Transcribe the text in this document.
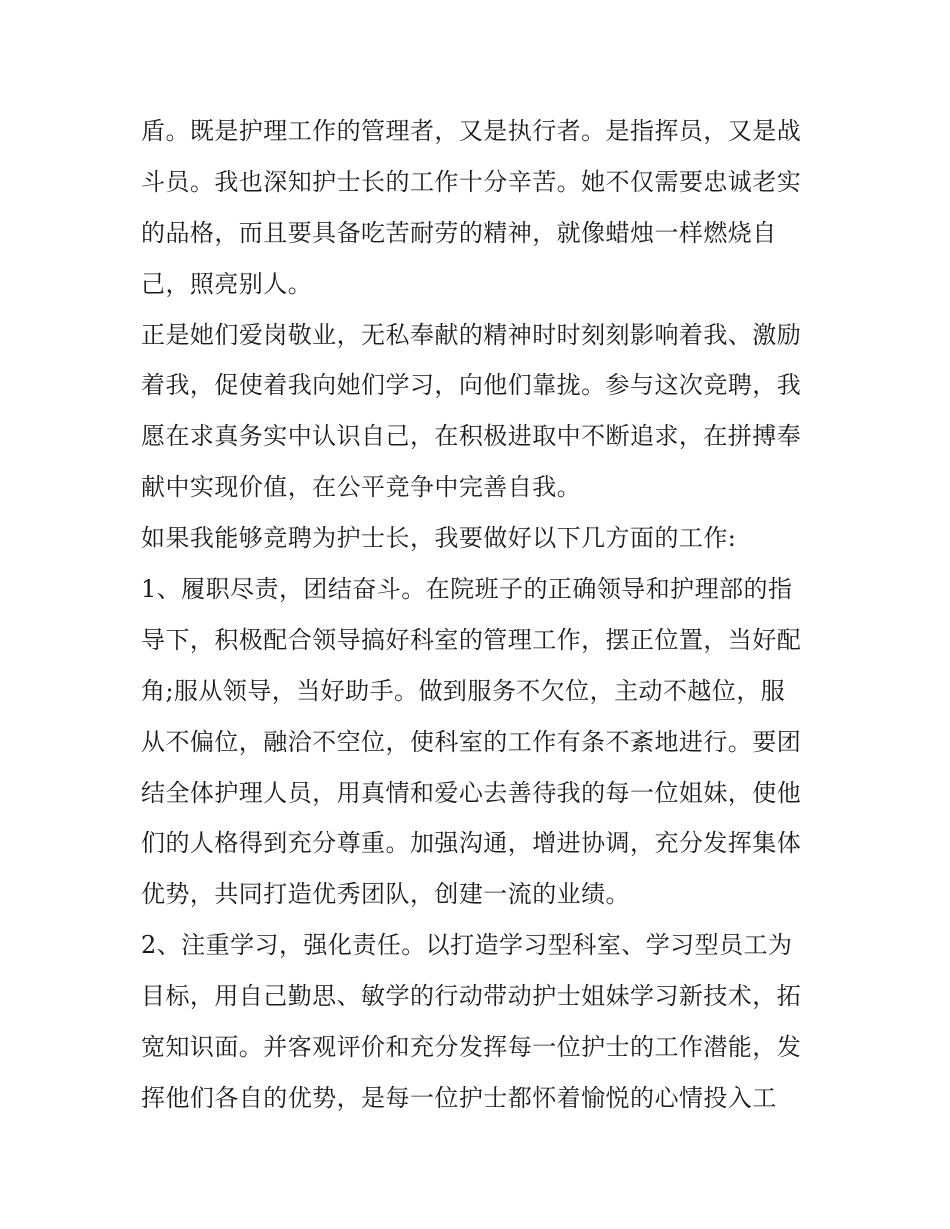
盾。既是护理工作的管理者，又是执行者。是指挥员，又是战
斗员。我也深知护士长的工作十分辛苦。她不仅需要忠诚老实
的品格，而且要具备吃苦耐劳的精神，就像蜡烛一样燃烧自
己，照亮别人。
正是她们爱岗敬业，无私奉献的精神时时刻刻影响着我、激励
着我，促使着我向她们学习，向他们靠拢。参与这次竞聘，我
愿在求真务实中认识自己，在积极进取中不断追求，在拼搏奉
献中实现价值，在公平竞争中完善自我。
如果我能够竞聘为护士长，我要做好以下几方面的工作:
1、履职尽责，团结奋斗。在院班子的正确领导和护理部的指
导下，积极配合领导搞好科室的管理工作，摆正位置，当好配
角;服从领导，当好助手。做到服务不欠位，主动不越位，服
从不偏位，融洽不空位，使科室的工作有条不紊地进行。要团
结全体护理人员，用真情和爱心去善待我的每一位姐妹，使他
们的人格得到充分尊重。加强沟通，增进协调，充分发挥集体
优势，共同打造优秀团队，创建一流的业绩。
2、注重学习，强化责任。以打造学习型科室、学习型员工为
目标，用自己勤思、敏学的行动带动护士姐妹学习新技术，拓
宽知识面。并客观评价和充分发挥每一位护士的工作潜能，发
挥他们各自的优势，是每一位护士都怀着愉悦的心情投入工
